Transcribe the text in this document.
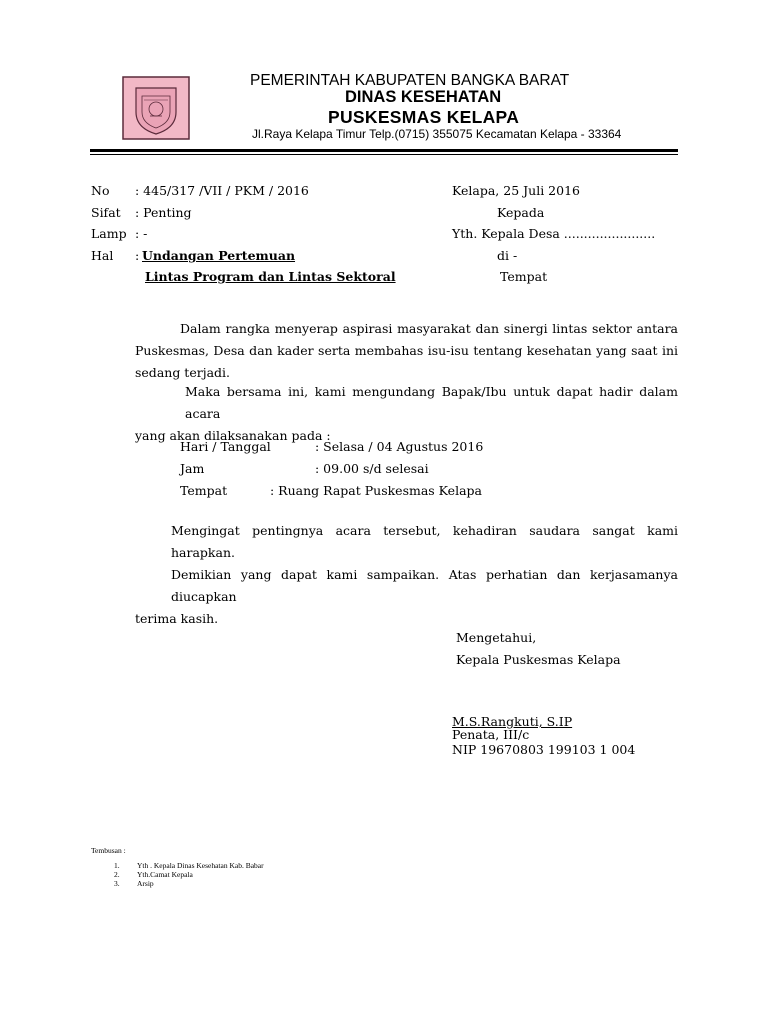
PEMERINTAH KABUPATEN BANGKA BARAT
DINAS KESEHATAN
PUSKESMAS KELAPA
Jl.Raya Kelapa Timur Telp.(0715) 355075 Kecamatan Kelapa - 33364
No : 445/317 /VII / PKM / 2016
Sifat : Penting
Lamp : -
Hal : Undangan Pertemuan
Lintas Program dan Lintas Sektoral
Kelapa, 25 Juli 2016
Kepada
Yth. Kepala Desa .......................
di -
Tempat
Dalam rangka menyerap aspirasi masyarakat dan sinergi lintas sektor antara
Puskesmas, Desa dan kader serta membahas isu-isu tentang kesehatan yang saat ini
sedang terjadi.
Maka bersama ini, kami mengundang Bapak/Ibu untuk dapat hadir dalam acara
yang akan dilaksanakan pada :
Hari / Tanggal	: Selasa / 04 Agustus 2016
Jam	: 09.00 s/d selesai
Tempat	: Ruang Rapat Puskesmas Kelapa
Mengingat pentingnya acara tersebut, kehadiran saudara sangat kami harapkan.
Demikian yang dapat kami sampaikan. Atas perhatian dan kerjasamanya diucapkan
terima kasih.
Mengetahui,
Kepala Puskesmas Kelapa
M.S.Rangkuti, S.IP
Penata, III/c
NIP 19670803 199103 1 004
Tembusan :
1. Yth . Kepala Dinas Kesehatan Kab. Babar
2. Yth.Camat Kepala
3. Arsip
